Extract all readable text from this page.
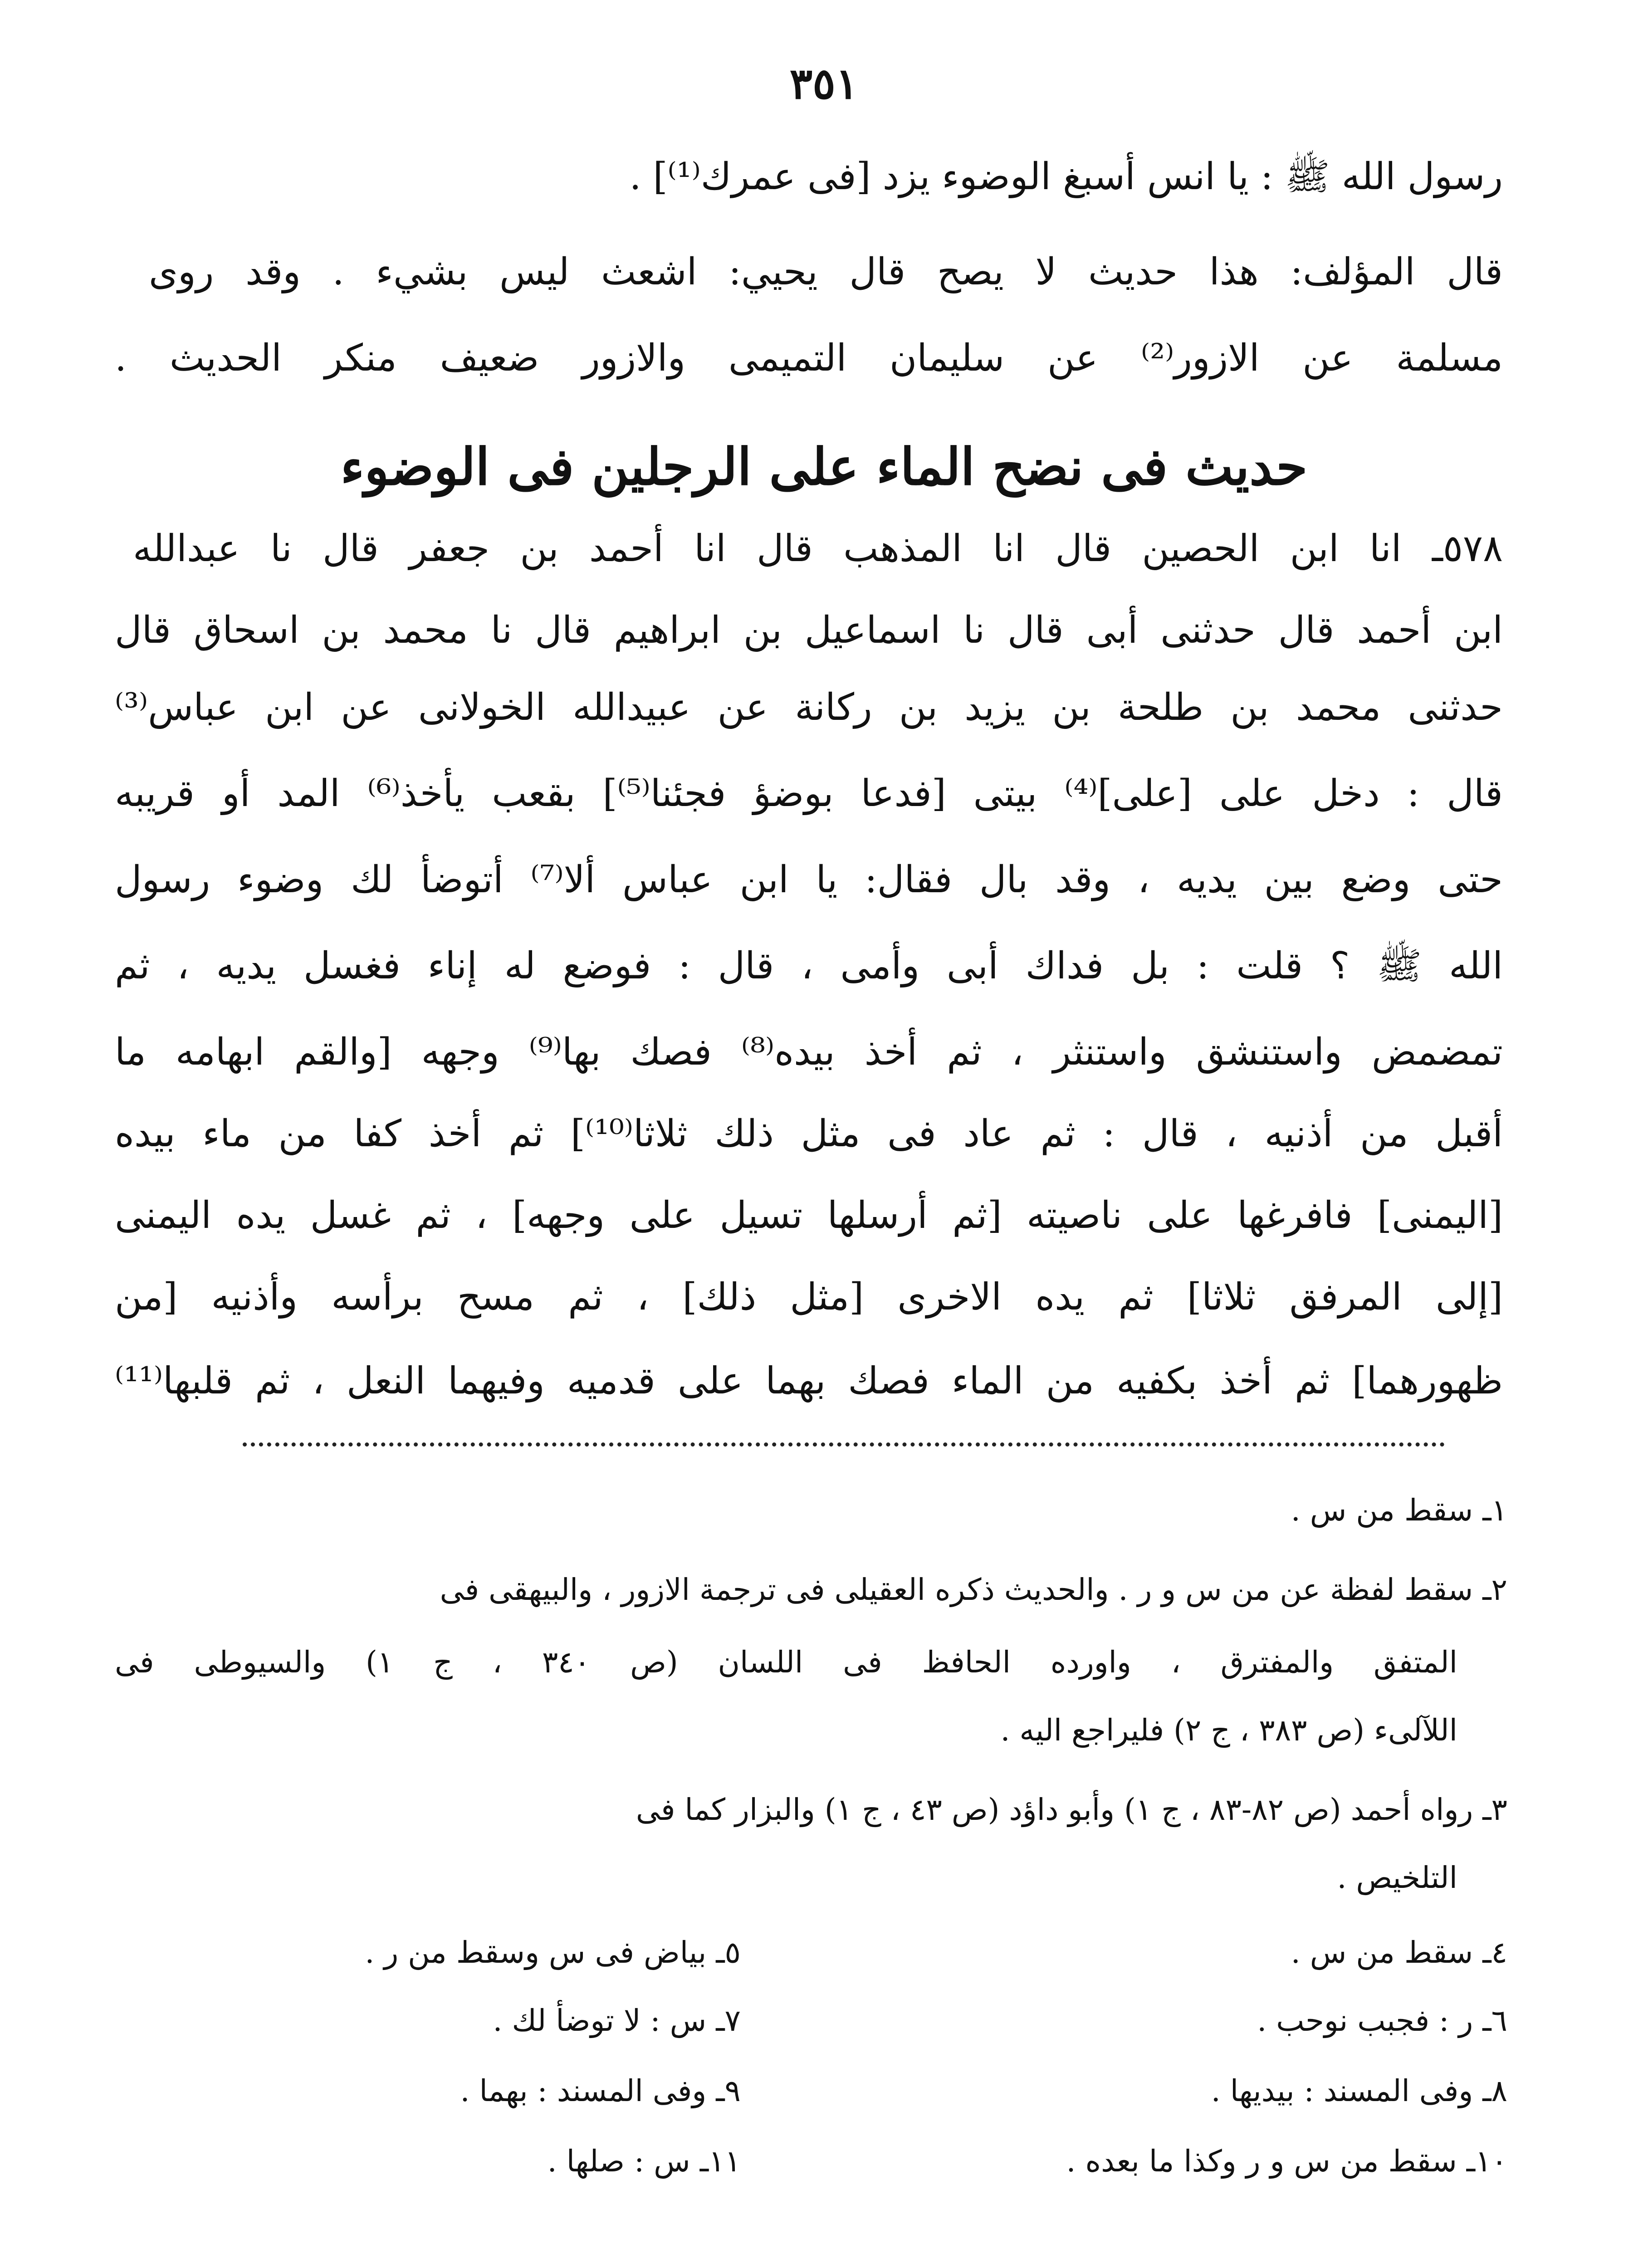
٣٥١
رسول الله ﷺ : يا انس أسبغ الوضوء يزد [فى عمرك⁽¹⁾] .
قال المؤلف: هذا حديث لا يصح قال يحيي: اشعث ليس بشيء . وقد روى
مسلمة عن الازور⁽²⁾ عن سليمان التميمى والازور ضعيف منكر الحديث .
حديث فى نضح الماء على الرجلين فى الوضوء
٥٧٨ـ انا ابن الحصين قال انا المذهب قال انا أحمد بن جعفر قال نا عبدالله
ابن أحمد قال حدثنى أبى قال نا اسماعيل بن ابراهيم قال نا محمد بن اسحاق قال
حدثنى محمد بن طلحة بن يزيد بن ركانة عن عبيدالله الخولانى عن ابن عباس⁽³⁾
قال : دخل على [على]⁽⁴⁾ بيتى [فدعا بوضؤ فجئنا⁽⁵⁾] بقعب يأخذ⁽⁶⁾ المد أو قريبه
حتى وضع بين يديه ، وقد بال فقال: يا ابن عباس ألا⁽⁷⁾ أتوضأ لك وضوء رسول
الله ﷺ ؟ قلت : بل فداك أبى وأمى ، قال : فوضع له إناء فغسل يديه ، ثم
تمضمض واستنشق واستنثر ، ثم أخذ بيده⁽⁸⁾ فصك بها⁽⁹⁾ وجهه [والقم ابهامه ما
أقبل من أذنيه ، قال : ثم عاد فى مثل ذلك ثلاثا⁽¹⁰⁾] ثم أخذ كفا من ماء بيده
[اليمنى] فافرغها على ناصيته [ثم أرسلها تسيل على وجهه] ، ثم غسل يده اليمنى
[إلى المرفق ثلاثا] ثم يده الاخرى [مثل ذلك] ، ثم مسح برأسه وأذنيه [من
ظهورهما] ثم أخذ بكفيه من الماء فصك بهما على قدميه وفيهما النعل ، ثم قلبها⁽¹¹⁾
١ـ سقط من س .
٢ـ سقط لفظة عن من س و ر . والحديث ذكره العقيلى فى ترجمة الازور ، والبيهقى فى
المتفق والمفترق ، واورده الحافظ فى اللسان (ص ٣٤٠ ، ج ١) والسيوطى فى
اللآلىء (ص ٣٨٣ ، ج ٢) فليراجع اليه .
٣ـ رواه أحمد (ص ٨٢-٨٣ ، ج ١) وأبو داؤد (ص ٤٣ ، ج ١) والبزار كما فى
التلخيص .
٤ـ سقط من س .
٥ـ بياض فى س وسقط من ر .
٦ـ ر : فجبب نوحب .
٧ـ س : لا توضأ لك .
٨ـ وفى المسند : بيديها .
٩ـ وفى المسند : بهما .
١٠ـ سقط من س و ر وكذا ما بعده .
١١ـ س : صلها .
